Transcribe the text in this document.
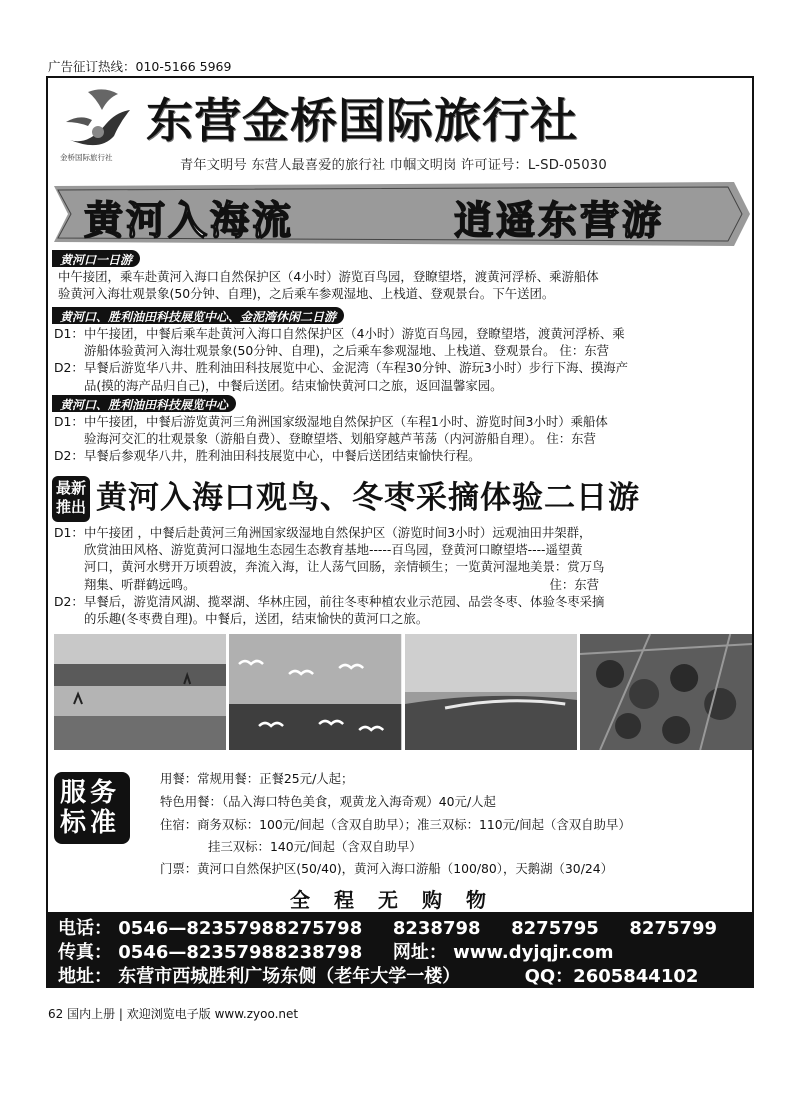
广告征订热线：010-5166 5969
金桥国际旅行社
东营金桥国际旅行社
青年文明号 东营人最喜爱的旅行社 巾帼文明岗 许可证号：L-SD-05030
黄河入海流	逍遥东营游
黄河口一日游
中午接团，乘车赴黄河入海口自然保护区（4小时）游览百鸟园，登瞭望塔，渡黄河浮桥、乘游船体
验黄河入海壮观景象(50分钟、自理)，之后乘车参观湿地、上栈道、登观景台。下午送团。
黄河口、胜利油田科技展览中心、金泥湾休闲二日游
D1：中午接团，中餐后乘车赴黄河入海口自然保护区（4小时）游览百鸟园，登瞭望塔，渡黄河浮桥、乘
游船体验黄河入海壮观景象(50分钟、自理)，之后乘车参观湿地、上栈道、登观景台。 住：东营
D2：早餐后游览华八井、胜利油田科技展览中心、金泥湾（车程30分钟、游玩3小时）步行下海、摸海产
品(摸的海产品归自己)，中餐后送团。结束愉快黄河口之旅，返回温馨家园。
黄河口、胜利油田科技展览中心
D1：中午接团，中餐后游览黄河三角洲国家级湿地自然保护区（车程1小时、游览时间3小时）乘船体
验海河交汇的壮观景象（游船自费）、登瞭望塔、划船穿越芦苇荡（内河游船自理）。 住：东营
D2：早餐后参观华八井，胜利油田科技展览中心，中餐后送团结束愉快行程。
最新
推出 黄河入海口观鸟、冬枣采摘体验二日游
D1：中午接团 ，中餐后赴黄河三角洲国家级湿地自然保护区（游览时间3小时）远观油田井架群，
欣赏油田风格、游览黄河口湿地生态园生态教育基地-----百鸟园，登黄河口瞭望塔----遥望黄
河口，黄河水劈开万顷碧波，奔流入海，让人荡气回肠，亲情顿生；一览黄河湿地美景：赏万鸟
翔集、听群鹤远鸣。	住：东营
D2：早餐后，游览清风湖、揽翠湖、华林庄园，前往冬枣种植农业示范园、品尝冬枣、体验冬枣采摘
的乐趣(冬枣费自理)。中餐后，送团，结束愉快的黄河口之旅。
服务
标准
用餐：常规用餐：正餐25元/人起；
特色用餐：（品入海口特色美食，观黄龙入海奇观）40元/人起
住宿：商务双标：100元/间起（含双自助早）；准三双标：110元/间起（含双自助早）
挂三双标：140元/间起（含双自助早）
门票：黄河口自然保护区(50/40)，黄河入海口游船（100/80），天鹅湖（30/24）
全程无购物
电话： 0546—8235798 8275798 8238798 8275795 8275799
传真： 0546—8235798 8238798 网址： www.dyjqjr.com
地址： 东营市西城胜利广场东侧（老年大学一楼）	QQ：2605844102
62 国内上册 | 欢迎浏览电子版 www.zyoo.net
